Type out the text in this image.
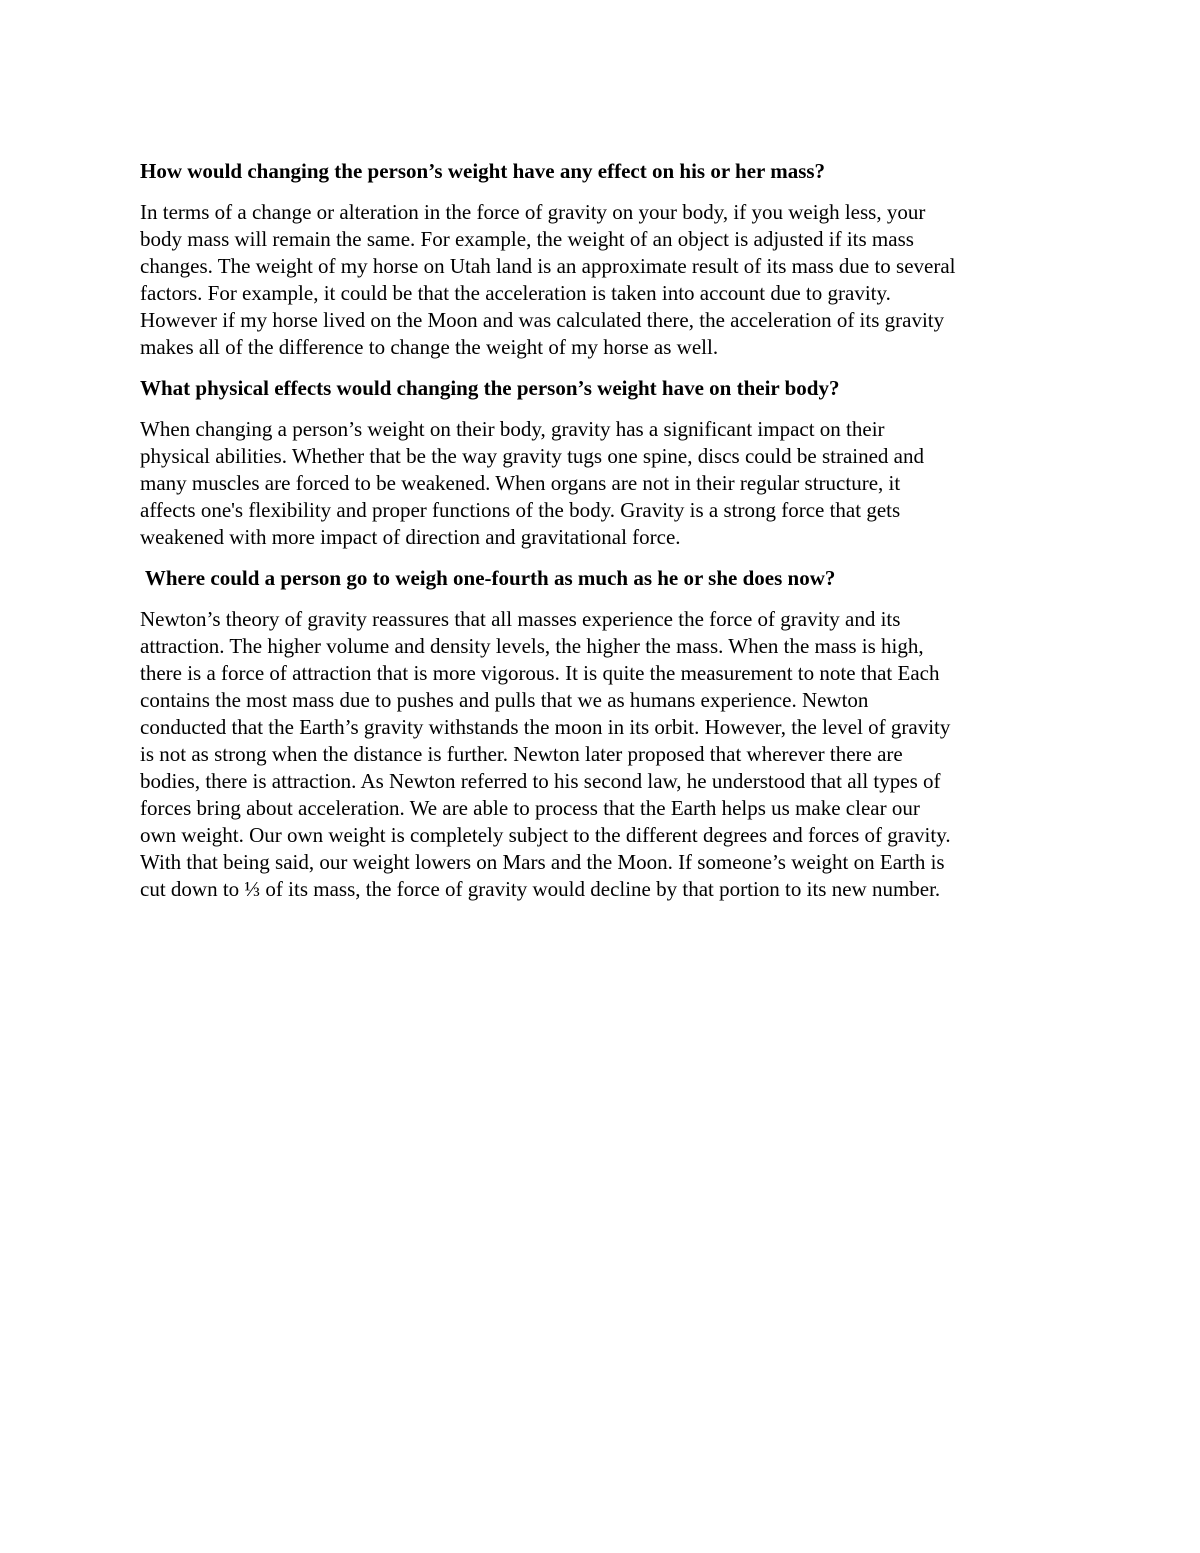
How would changing the person’s weight have any effect on his or her mass?
In terms of a change or alteration in the force of gravity on your body, if you weigh less, your
body mass will remain the same. For example, the weight of an object is adjusted if its mass
changes. The weight of my horse on Utah land is an approximate result of its mass due to several
factors. For example, it could be that the acceleration is taken into account due to gravity.
However if my horse lived on the Moon and was calculated there, the acceleration of its gravity
makes all of the difference to change the weight of my horse as well.
What physical effects would changing the person’s weight have on their body?
When changing a person’s weight on their body, gravity has a significant impact on their
physical abilities. Whether that be the way gravity tugs one spine, discs could be strained and
many muscles are forced to be weakened. When organs are not in their regular structure, it
affects one's flexibility and proper functions of the body. Gravity is a strong force that gets
weakened with more impact of direction and gravitational force.
Where could a person go to weigh one-fourth as much as he or she does now?
Newton’s theory of gravity reassures that all masses experience the force of gravity and its
attraction. The higher volume and density levels, the higher the mass. When the mass is high,
there is a force of attraction that is more vigorous. It is quite the measurement to note that Each
contains the most mass due to pushes and pulls that we as humans experience. Newton
conducted that the Earth’s gravity withstands the moon in its orbit. However, the level of gravity
is not as strong when the distance is further. Newton later proposed that wherever there are
bodies, there is attraction. As Newton referred to his second law, he understood that all types of
forces bring about acceleration. We are able to process that the Earth helps us make clear our
own weight. Our own weight is completely subject to the different degrees and forces of gravity.
With that being said, our weight lowers on Mars and the Moon. If someone’s weight on Earth is
cut down to ⅓ of its mass, the force of gravity would decline by that portion to its new number.
